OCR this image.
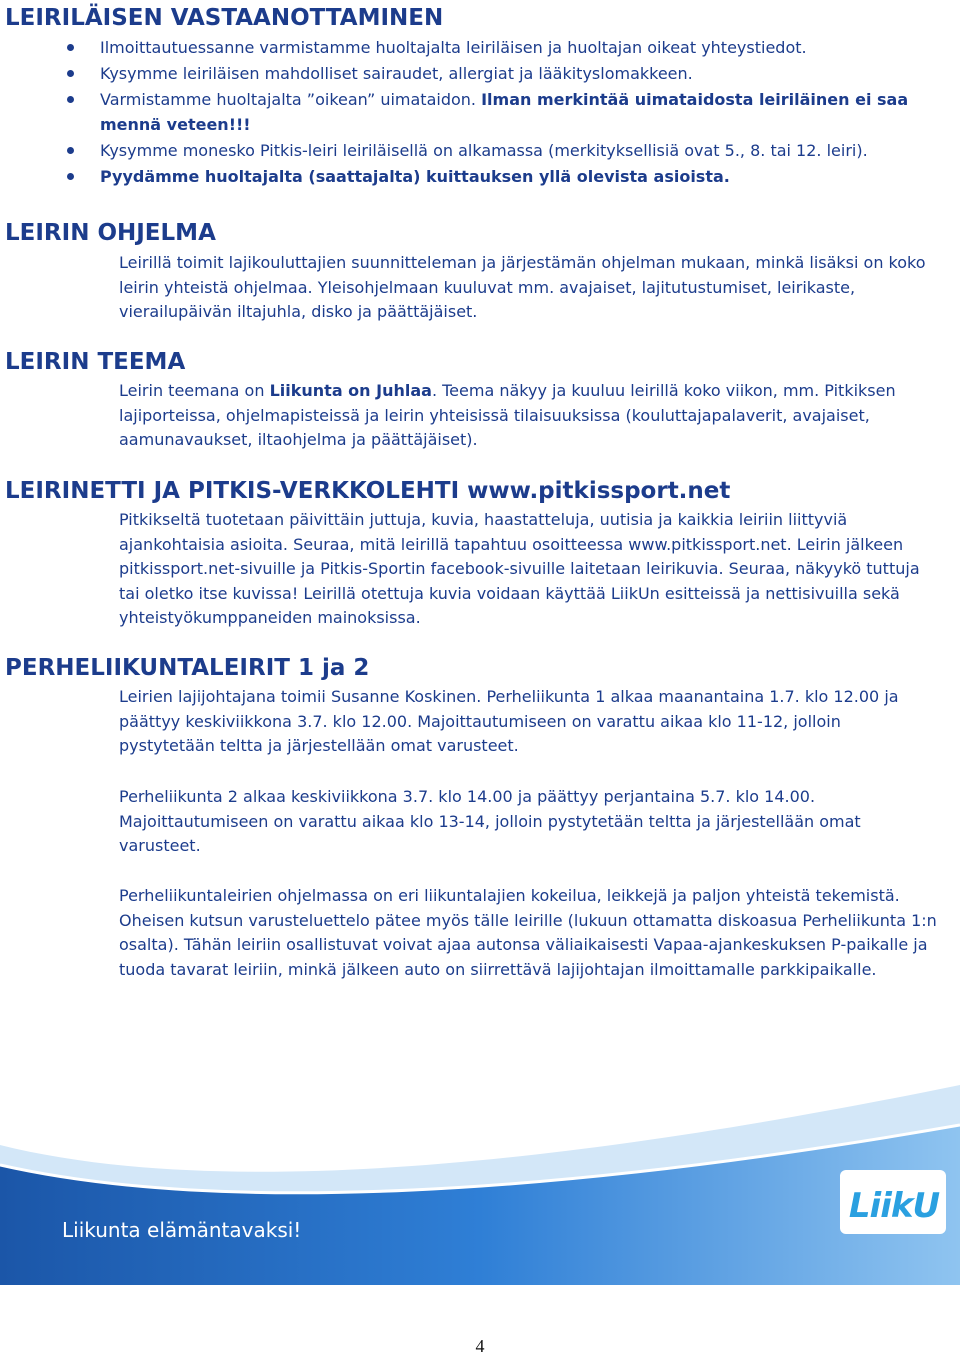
LEIRILÄISEN VASTAANOTTAMINEN
Ilmoittautuessanne varmistamme huoltajalta leiriläisen ja huoltajan oikeat yhteystiedot.
Kysymme leiriläisen mahdolliset sairaudet, allergiat ja lääkityslomakkeen.
Varmistamme huoltajalta ”oikean” uimataidon. Ilman merkintää uimataidosta leiriläinen ei saa mennä veteen!!!
Kysymme monesko Pitkis-leiri leiriläisellä on alkamassa (merkityksellisiä ovat 5., 8. tai 12. leiri).
Pyydämme huoltajalta (saattajalta) kuittauksen yllä olevista asioista.
LEIRIN OHJELMA

Leirillä toimit lajikouluttajien suunnitteleman ja järjestämän ohjelman mukaan, minkä lisäksi on koko leirin yhteistä ohjelmaa. Yleisohjelmaan kuuluvat mm. avajaiset, lajitutustumiset, leirikaste, vierailupäivän iltajuhla, disko ja päättäjäiset.

LEIRIN TEEMA

Leirin teemana on Liikunta on Juhlaa. Teema näkyy ja kuuluu leirillä koko viikon, mm. Pitkiksen lajiporteissa, ohjelmapisteissä ja leirin yhteisissä tilaisuuksissa (kouluttajapalaverit, avajaiset, aamunavaukset, iltaohjelma ja päättäjäiset).

LEIRINETTI JA PITKIS-VERKKOLEHTI www.pitkissport.net

Pitkikseltä tuotetaan päivittäin juttuja, kuvia, haastatteluja, uutisia ja kaikkia leiriin liittyviä ajankohtaisia asioita. Seuraa, mitä leirillä tapahtuu osoitteessa www.pitkissport.net. Leirin jälkeen pitkissport.net-sivuille ja Pitkis-Sportin facebook-sivuille laitetaan leirikuvia. Seuraa, näkyykö tuttuja tai oletko itse kuvissa! Leirillä otettuja kuvia voidaan käyttää LiikUn esitteissä ja nettisivuilla sekä yhteistyökumppaneiden mainoksissa.

PERHELIIKUNTALEIRIT 1 ja 2

Leirien lajijohtajana toimii Susanne Koskinen. Perheliikunta 1 alkaa maanantaina 1.7. klo 12.00 ja päättyy keskiviikkona 3.7. klo 12.00. Majoittautumiseen on varattu aikaa klo 11-12, jolloin pystytetään teltta ja järjestellään omat varusteet.

Perheliikunta 2 alkaa keskiviikkona 3.7. klo 14.00 ja päättyy perjantaina 5.7. klo 14.00. Majoittautumiseen on varattu aikaa klo 13-14, jolloin pystytetään teltta ja järjestellään omat varusteet.

Perheliikuntaleirien ohjelmassa on eri liikuntalajien kokeilua, leikkejä ja paljon yhteistä tekemistä. Oheisen kutsun varusteluettelo pätee myös tälle leirille (lukuun ottamatta diskoasua Perheliikunta 1:n osalta). Tähän leiriin osallistuvat voivat ajaa autonsa väliaikaisesti Vapaa-ajankeskuksen P-paikalle ja tuoda tavarat leiriin, minkä jälkeen auto on siirrettävä lajijohtajan ilmoittamalle parkkipaikalle.

Liikunta elämäntavaksi!

LiikU

4
